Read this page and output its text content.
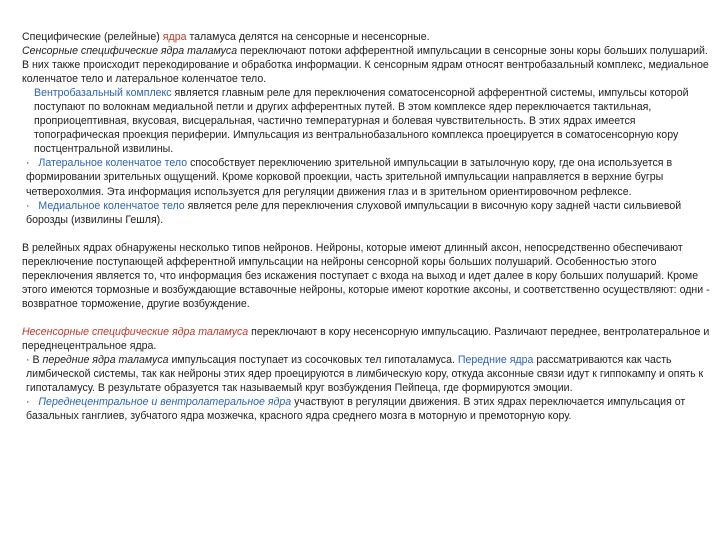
Специфические (релейные) ядра таламуса делятся на сенсорные и несенсорные.

Сенсорные специфические ядра таламуса переключают потоки афферентной импульсации в сенсорные зоны коры больших полушарий. В них также происходит перекодирование и обработка информации. К сенсорным ядрам относят вентробазальный комплекс, медиальное коленчатое тело и латеральное коленчатое тело.

Вентробазальный комплекс является главным реле для переключения соматосенсорной афферентной системы, импульсы которой поступают по волокнам медиальной петли и других афферентных путей. В этом комплексе ядер переключается тактильная, проприоцептивная, вкусовая, висцеральная, частично температурная и болевая чувствительность. В этих ядрах имеется топографическая проекция периферии. Импульсация из вентральнобазального комплекса проецируется в соматосенсорную кору постцентральной извилины.

· Латеральное коленчатое тело способствует переключению зрительной импульсации в затылочную кору, где она используется в формировании зрительных ощущений. Кроме корковой проекции, часть зрительной импульсации направляется в верхние бугры четверохолмия. Эта информация используется для регуляции движения глаз и в зрительном ориентировочном рефлексе.

· Медиальное коленчатое тело является реле для переключения слуховой импульсации в височную кору задней части сильвиевой борозды (извилины Гешля).

В релейных ядрах обнаружены несколько типов нейронов. Нейроны, которые имеют длинный аксон, непосредственно обеспечивают переключение поступающей афферентной импульсации на нейроны сенсорной коры больших полушарий. Особенностью этого переключения является то, что информация без искажения поступает с входа на выход и идет далее в кору больших полушарий. Кроме этого имеются тормозные и возбуждающие вставочные нейроны, которые имеют короткие аксоны, и соответственно осуществляют: одни - возвратное торможение, другие возбуждение.

Несенсорные специфические ядра таламуса переключают в кору несенсорную импульсацию. Различают переднее, вентролатеральное и переднецентральное ядра.

· В передние ядра таламуса импульсация поступает из сосочковых тел гипоталамуса. Передние ядра рассматриваются как часть лимбической системы, так как нейроны этих ядер проецируются в лимбическую кору, откуда аксонные связи идут к гиппокампу и опять к гипоталамусу. В результате образуется так называемый круг возбуждения Пейпеца, где формируются эмоции.

· Переднецентральное и вентролатеральное ядра участвуют в регуляции движения. В этих ядрах переключается импульсация от базальных ганглиев, зубчатого ядра мозжечка, красного ядра среднего мозга в моторную и премоторную кору.
